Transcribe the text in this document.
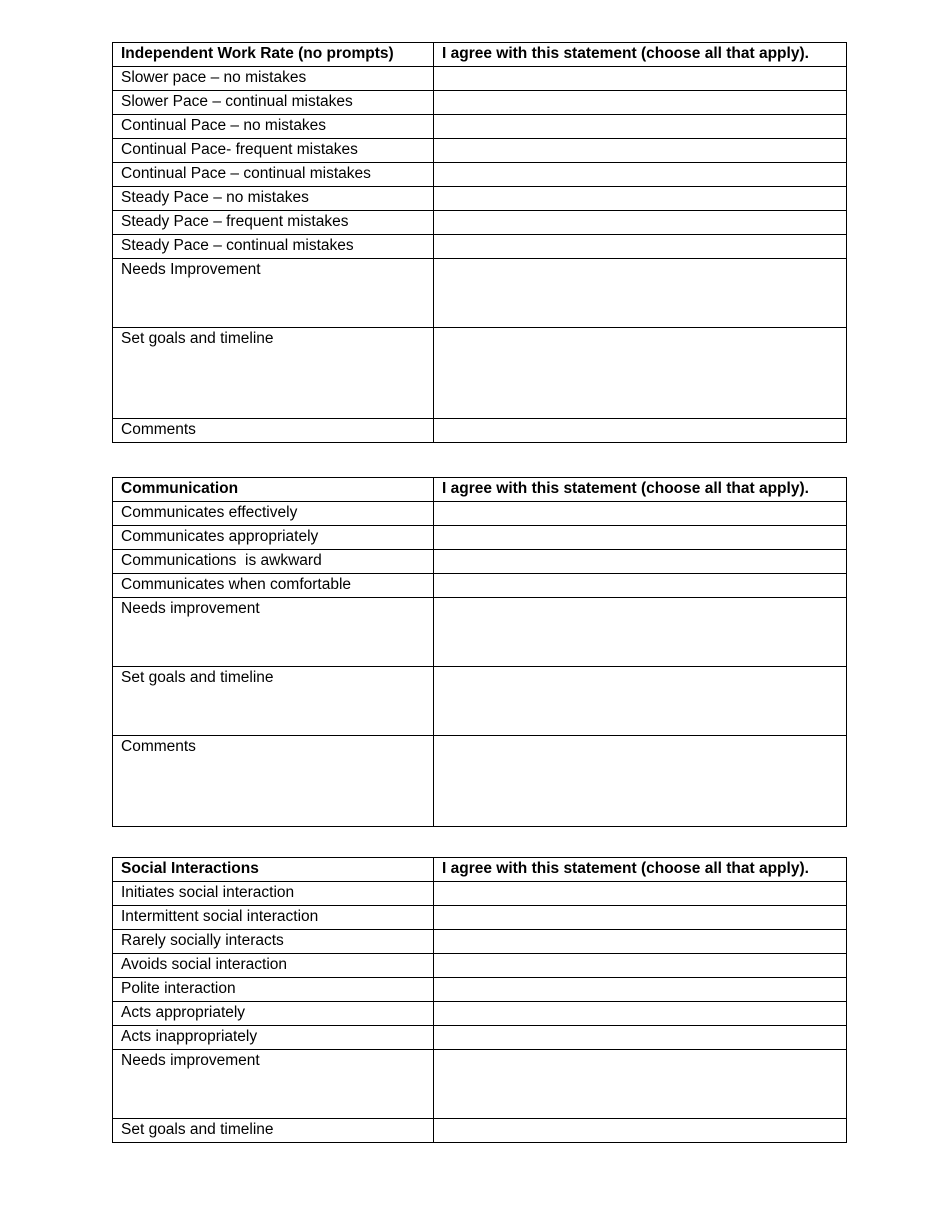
Independent Work Rate (no prompts)	I agree with this statement (choose all that apply).
Slower pace – no mistakes	
Slower Pace – continual mistakes	
Continual Pace – no mistakes	
Continual Pace- frequent mistakes	
Continual Pace – continual mistakes	
Steady Pace – no mistakes	
Steady Pace – frequent mistakes	
Steady Pace – continual mistakes	
Needs Improvement	
Set goals and timeline	
Comments	
Communication	I agree with this statement (choose all that apply).
Communicates effectively	
Communicates appropriately	
Communications  is awkward	
Communicates when comfortable	
Needs improvement	
Set goals and timeline	
Comments	
Social Interactions	I agree with this statement (choose all that apply).
Initiates social interaction	
Intermittent social interaction	
Rarely socially interacts	
Avoids social interaction	
Polite interaction	
Acts appropriately	
Acts inappropriately	
Needs improvement	
Set goals and timeline	
